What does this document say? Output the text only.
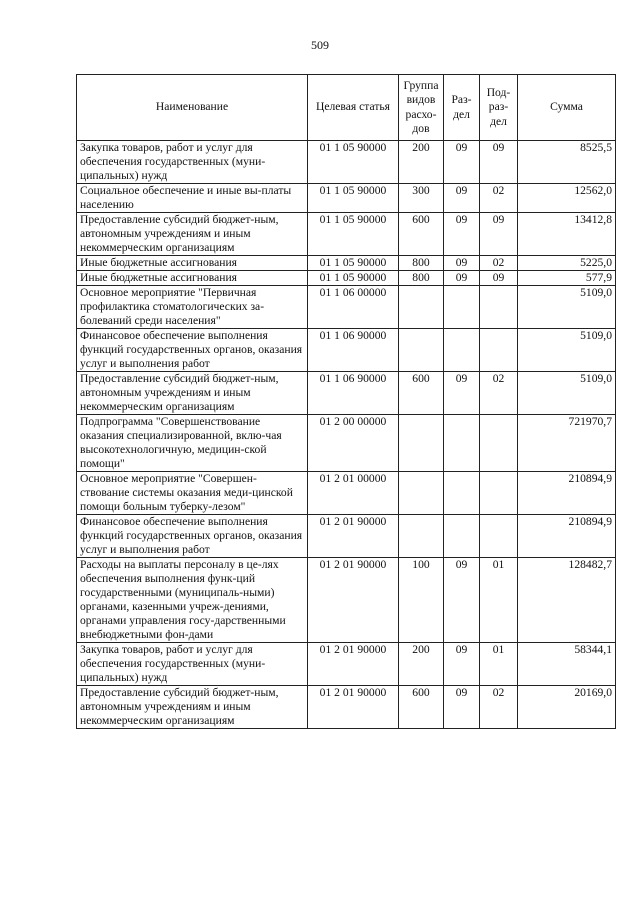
509
Наименование	Целевая статья	Группа видов расхо-дов	Раз-дел	Под-раз-дел	Сумма
Закупка товаров, работ и услуг для обеспечения государственных (муни-ципальных) нужд	01 1 05 90000	200	09	09	8525,5
Социальное обеспечение и иные вы-платы населению	01 1 05 90000	300	09	02	12562,0
Предоставление субсидий бюджет-ным, автономным учреждениям и иным некоммерческим организациям	01 1 05 90000	600	09	09	13412,8
Иные бюджетные ассигнования	01 1 05 90000	800	09	02	5225,0
Иные бюджетные ассигнования	01 1 05 90000	800	09	09	577,9
Основное мероприятие "Первичная профилактика стоматологических за-болеваний среди населения"	01 1 06 00000				5109,0
Финансовое обеспечение выполнения функций государственных органов, оказания услуг и выполнения работ	01 1 06 90000				5109,0
Предоставление субсидий бюджет-ным, автономным учреждениям и иным некоммерческим организациям	01 1 06 90000	600	09	02	5109,0
Подпрограмма "Совершенствование оказания специализированной, вклю-чая высокотехнологичную, медицин-ской помощи"	01 2 00 00000				721970,7
Основное мероприятие "Совершен-ствование системы оказания меди-цинской помощи больным туберку-лезом"	01 2 01 00000				210894,9
Финансовое обеспечение выполнения функций государственных органов, оказания услуг и выполнения работ	01 2 01 90000				210894,9
Расходы на выплаты персоналу в це-лях обеспечения выполнения функ-ций государственными (муниципаль-ными) органами, казенными учреж-дениями, органами управления госу-дарственными внебюджетными фон-дами	01 2 01 90000	100	09	01	128482,7
Закупка товаров, работ и услуг для обеспечения государственных (муни-ципальных) нужд	01 2 01 90000	200	09	01	58344,1
Предоставление субсидий бюджет-ным, автономным учреждениям и иным некоммерческим организациям	01 2 01 90000	600	09	02	20169,0
